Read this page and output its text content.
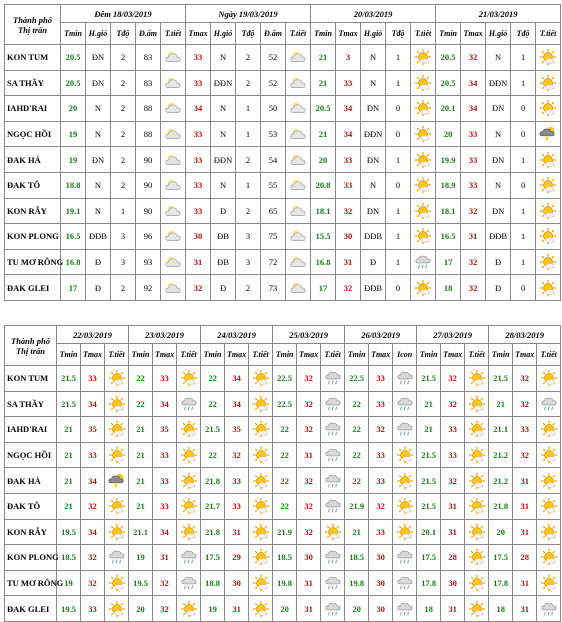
Thành phố
Thị trấn	Đêm 18/03/2019					Ngày 19/03/2019					20/03/2019					21/03/2019				
	Tmin	H.gió	Tđộ	Đ.ẩm	T.tiết	Tmax	H.gió	Tđộ	Đ.ẩm	T.tiết	Tmin	Tmax	H.gió	Tđộ	T.tiết	Tmin	Tmax	H.gió	Tđộ	T.tiết
KON TUM	20.5	ĐN	2	83		33	N	2	52		21	3	N	1		20.5	32	N	1	

SA THẦY	20.5	ĐN	2	83		33	ĐĐN	2	52		21	33	N	1		20.5	34	ĐĐN	1	

IAHD'RAI	20	N	2	88		34	N	1	50		20.5	34	ĐN	0		20.1	34	ĐN	0	

NGỌC HỒI	19	N	2	88		33	N	1	53		21	34	ĐĐN	0		20	33	N	0	

ĐAK HÀ	19	ĐN	2	90		33	ĐĐN	2	54		20	33	ĐN	1		19.9	33	ĐN	1	

ĐAK TÔ	18.8	N	2	90		33	N	1	55		20.8	33	N	0		18.9	33	N	0	

KON RẪY	19.1	N	1	90		33	Đ	2	65		18.1	32	ĐN	1		18.1	32	ĐN	1	

KON PLONG	16.5	ĐĐB	3	96		30	ĐB	3	75		15.5	30	ĐĐB	1		16.5	31	ĐĐB	1	

TU MƠ RÔNG	16.8	Đ	3	93		31	ĐB	3	72		16.8	31	Đ	1		17	32	Đ	1	

ĐAK GLEI	17	Đ	2	92		32	Đ	2	73		17	32	ĐĐB	0		18	32	Đ	0	
Thành phố
Thị trấn	22/03/2019			23/03/2019			24/03/2019			25/03/2019			26/03/2019			27/03/2019			28/03/2019		
	Tmin	Tmax	T.tiết	Tmin	Tmax	T.tiết	Tmin	Tmax	T.tiết	Tmin	Tmax	T.tiết	Tmin	Tmax	Icon	Tmin	Tmax	T.tiết	Tmin	Tmax	T.tiết
KON TUM	21.5	33		22	33		22	34		22.5	32		22.5	33		21.5	32		21.5	32	

SA THẦY	21.5	34		22	34		22	34		22.5	32		22	33		21	32		21	32	

IAHD'RAI	21	35		21	35		21.5	35		22	32		22	32		21	33		21.1	33	

NGỌC HỒI	21	33		21	33		22	32		22	31		22	33		21.5	33		21.2	32	

ĐAK HÀ	21	34		21	33		21.8	33		22	32		22	33		21.5	32		21.2	31	

ĐAK TÔ	21	32		21	33		21.7	33		22	32		21.9	32		21.5	31		21.8	31	

KON RẪY	19.5	34		21.1	34		21.8	31		21.9	32		21	33		20.1	31		20	31	

KON PLONG	18.5	32		19	31		17.5	29		18.5	30		18.5	30		17.5	28		17.5	28	

TU MƠ RÔNG	19	32		19.5	32		18.8	30		19.8	31		19.8	30		17.8	30		17.8	31	

ĐAK GLEI	19.5	33		20	32		19	31		20	31		20	30		18	31		18	31	
